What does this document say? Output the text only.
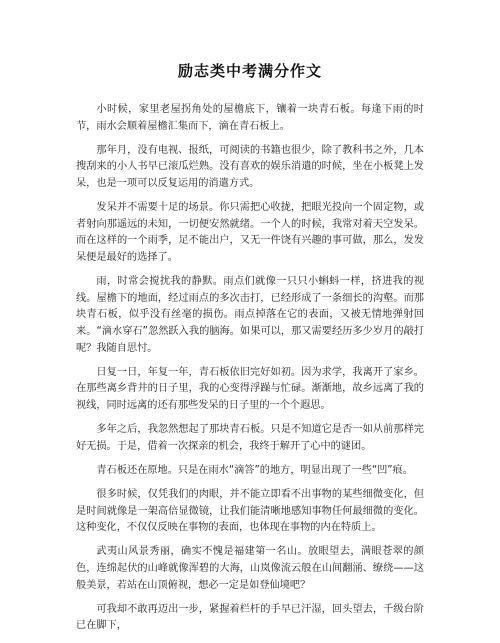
励志类中考满分作文

小时候，家里老屋拐角处的屋檐底下，镶着一块青石板。每逢下雨的时节，雨水会顺着屋檐汇集而下，滴在青石板上。

那年月，没有电视、报纸，可阅读的书籍也很少，除了教科书之外，几本搜刮来的小人书早已滚瓜烂熟。没有喜欢的娱乐消遣的时候，坐在小板凳上发呆，也是一项可以反复运用的消遣方式。

发呆并不需要十足的场景。你只需把心收拢，把眼光投向一个固定物，或者射向那遥远的未知，一切便安然就绪。一个人的时候，我常对着天空发呆。而在这样的一个雨季，足不能出户，又无一件饶有兴趣的事可做，那么，发发呆便是最好的选择了。

雨，时常会搅扰我的静默。雨点们就像一只只小蝌蚪一样，挤进我的视线。屋檐下的地面，经过雨点的多次击打，已经形成了一条细长的沟壑。而那块青石板，似乎没有丝毫的损伤。雨点掉落在它的表面，又被无情地弹射回来。“滴水穿石”忽然跃入我的脑海。如果可以，那又需要经历多少岁月的敲打呢？我随自思忖。

日复一日，年复一年，青石板依旧完好如初。因为求学，我离开了家乡。在那些离乡背井的日子里，我的心变得浮躁与忙碌。渐渐地，故乡远离了我的视线，同时远离的还有那些发呆的日子里的一个个遐思。

多年之后，我忽然想起了那块青石板。只是不知道它是否一如从前那样完好无损。于是，借着一次探亲的机会，我终于解开了心中的谜团。

青石板还在原地。只是在雨水“滴答”的地方，明显出现了一些“凹”痕。

很多时候，仅凭我们的肉眼，并不能立即看不出事物的某些细微变化，但是时间就像是一架高倍显微镜，让我们能清晰地感知事物任何最细微的变化。这种变化，不仅仅反映在事物的表面，也体现在事物的内在特质上。

武夷山风景秀丽，确实不愧是福建第一名山。放眼望去，满眼苍翠的颜色，连绵起伏的山峰就像浑碧的大海，山岚像流云般在山间翻涌、缭绕——这般美景，若站在山顶俯视，想必一定是如登仙境吧？

可我却不敢再迈出一步，紧握着栏杆的手早已汗湿，回头望去，千级台阶已在脚下，
